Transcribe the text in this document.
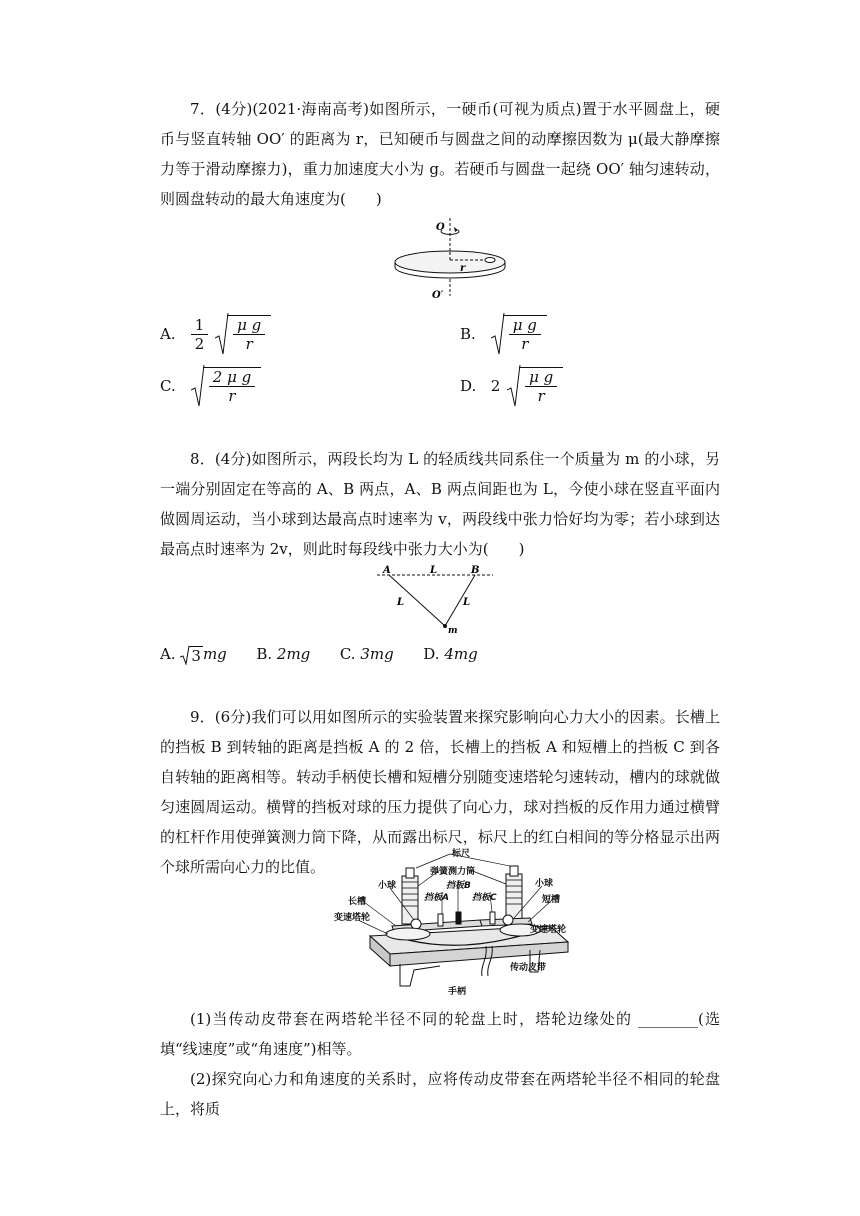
7．(4分)(2021·海南高考)如图所示，一硬币(可视为质点)置于水平圆盘上，硬币与竖直转轴 OO′ 的距离为 r，已知硬币与圆盘之间的动摩擦因数为 μ(最大静摩擦力等于滑动摩擦力)，重力加速度大小为 g。若硬币与圆盘一起绕 OO′ 轴匀速转动，则圆盘转动的最大角速度为(　　)
O
r
O′
A. $\frac{1}{2}$
$\frac{\text{μ g}}{r}$	B. $\frac{\text{μ g}}{r}$
C. $\frac{\text{2 μ g}}{r}$	D. $2 \frac{\text{μ g}}{r}$
8．(4分)如图所示，两段长均为 L 的轻质线共同系住一个质量为 m 的小球，另一端分别固定在等高的 A、B 两点，A、B 两点间距也为 L，今使小球在竖直平面内做圆周运动，当小球到达最高点时速率为 v，两段线中张力恰好均为零；若小球到达最高点时速率为 2v，则此时每段线中张力大小为(　　)
A	L	B
L	L
m
A. 3 mg B. 2mg C. 3mg D. 4mg
9．(6分)我们可以用如图所示的实验装置来探究影响向心力大小的因素。长槽上的挡板 B 到转轴的距离是挡板 A 的 2 倍，长槽上的挡板 A 和短槽上的挡板 C 到各自转轴的距离相等。转动手柄使长槽和短槽分别随变速塔轮匀速转动，槽内的球就做匀速圆周运动。横臂的挡板对球的压力提供了向心力，球对挡板的反作用力通过横臂的杠杆作用使弹簧测力筒下降，从而露出标尺，标尺上的红白相间的等分格显示出两个球所需向心力的比值。
标尺
弹簧测力筒
小球	小球
挡板B
挡板A	挡板C
长槽	短槽
变速塔轮
变速塔轮
传动皮带
手柄
(1)当传动皮带套在两塔轮半径不同的轮盘上时，塔轮边缘处的 ________(选填“线速度”或“角速度”)相等。
(2)探究向心力和角速度的关系时，应将传动皮带套在两塔轮半径不相同的轮盘上，将质
